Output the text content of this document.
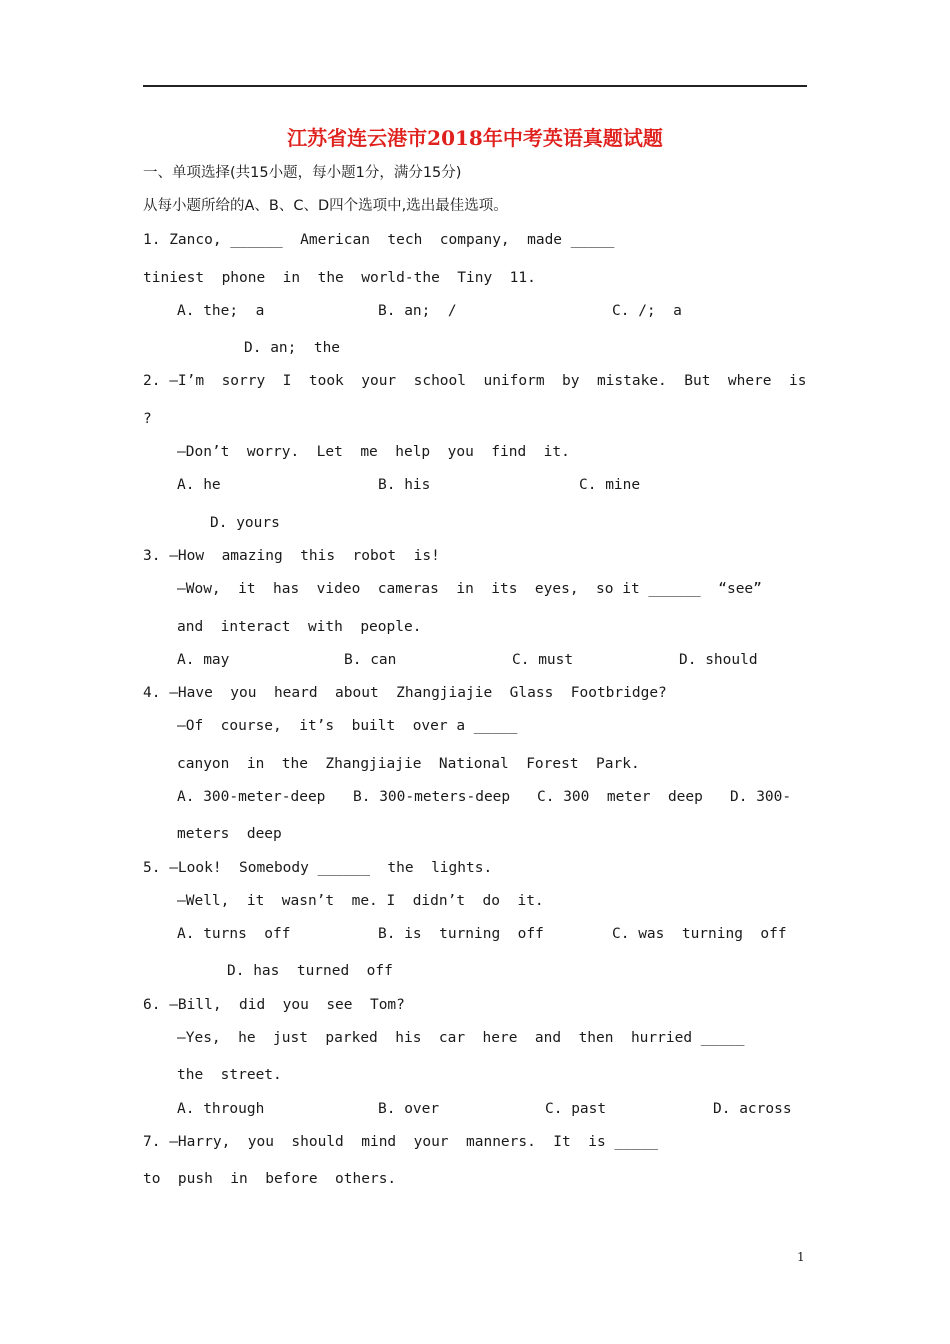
江苏省连云港市2018年中考英语真题试题
一、单项选择(共15小题，每小题1分，满分15分)
从每小题所给的A、B、C、D四个选项中,选出最佳选项。
1. Zanco, ______  American  tech  company,  made _____
tiniest  phone  in  the  world-the  Tiny  11.
A. the;  a	B. an;  /	C. /;  a
D. an;  the
2. —I’m  sorry  I  took  your  school  uniform  by  mistake.  But  where  is
?
—Don’t  worry.  Let  me  help  you  find  it.
A. he	B. his	C. mine
D. yours
3. —How  amazing  this  robot  is!
—Wow,  it  has  video  cameras  in  its  eyes,  so it ______  “see”
and  interact  with  people.
A. may	B. can	C. must	D. should
4. —Have  you  heard  about  Zhangjiajie  Glass  Footbridge?
—Of  course,  it’s  built  over a _____
canyon  in  the  Zhangjiajie  National  Forest  Park.
A. 300-meter-deep B. 300-meters-deep C. 300  meter  deep D. 300-
meters  deep
5. —Look!  Somebody ______  the  lights.
—Well,  it  wasn’t  me. I  didn’t  do  it.
A. turns  off	B. is  turning  off	C. was  turning  off
D. has  turned  off
6. —Bill,  did  you  see  Tom?
—Yes,  he  just  parked  his  car  here  and  then  hurried _____
the  street.
A. through	B. over	C. past	D. across
7. —Harry,  you  should  mind  your  manners.  It  is _____
to  push  in  before  others.
1
